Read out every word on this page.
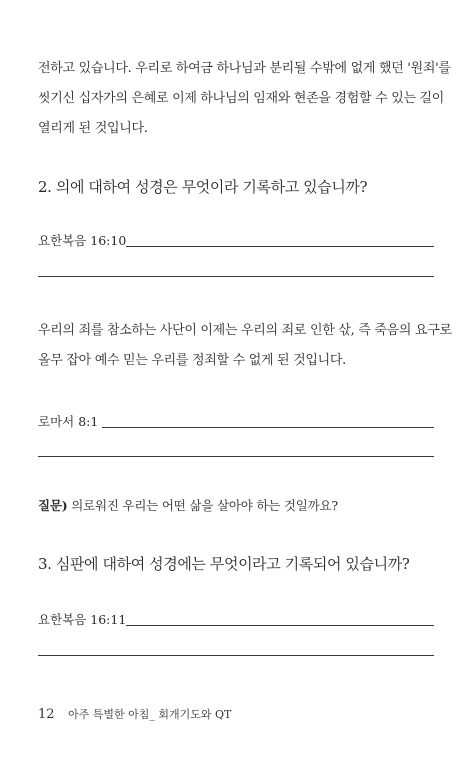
전하고 있습니다. 우리로 하여금 하나님과 분리될 수밖에 없게 했던 '원죄'를
씻기신 십자가의 은혜로 이제 하나님의 임재와 현존을 경험할 수 있는 길이
열리게 된 것입니다.
2. 의에 대하여 성경은 무엇이라 기록하고 있습니까?
요한복음 16:10
우리의 죄를 참소하는 사단이 이제는 우리의 죄로 인한 삯, 즉 죽음의 요구로
올무 잡아 예수 믿는 우리를 정죄할 수 없게 된 것입니다.
로마서 8:1
질문) 의로워진 우리는 어떤 삶을 살아야 하는 것일까요?
3. 심판에 대하여 성경에는 무엇이라고 기록되어 있습니까?
요한복음 16:11
12 아주 특별한 아침_ 회개기도와 QT
